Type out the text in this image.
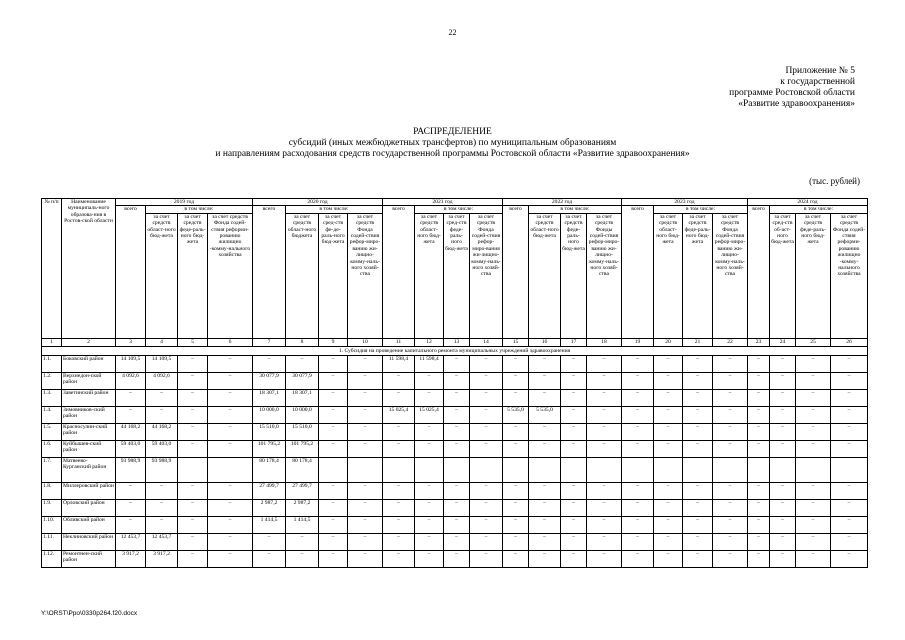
22
Приложение № 5
к государственной
программе Ростовской области
«Развитие здравоохранения»
РАСПРЕДЕЛЕНИЕ
субсидий (иных межбюджетных трансфертов) по муниципальным образованиям
и направлениям расходования средств государственной программы Ростовской области «Развитие здравоохранения»
(тыс. рублей)
№ п/п	Наименование муниципаль-ного образова-ния в Ростов-ской области	2019 год				2020 год				2021 год				2022 год				2023 год				2024 год			
		всего	в том числе:			всего	в том числе:			всего	в том числе:			всего	в том числе:			всего	в том числе:			всего	в том числе:		
			за счет средств област-ного бюд-жета	за счет средств феде-раль-ного бюд-жета	за счет средств Фонда содей-ствия реформи-рованию жилищно -комму-нального хозяйства		за счет средств област-ного бюджета	за счет сред-ств фе-де-раль-ного бюд-жета	за счет средств Фонда содей-ствия рефор-миро-ванию жи-лищно-комму-наль-ного хозяй-ства		за счет средств област-ного бюд-жета	за счет сред-ств феде-раль-ного бюд-жета	за счет средств Фонда содей-ствия рефор-миро-вания жи-лищно-комму-наль-ного хозяй-ства		за счет средств област-ного бюд-жета	за счет средств феде-раль-ного бюд-жета	за счет средств Фонды содей-ствия рефор-миро-ванию жи-лищно-комму-наль-ного хозяй-ства		за счет средств област-ного бюд-жета	за счет средств феде-раль-ного бюд-жета	за счет средств Фонда содей-ствия рефор-миро-ванию жи-лищно-комму-наль-ного хозяй-ства		за счет сред-ств об-аст-ного бюд-жета	за счет средств феде-раль-ного бюд-жета	за счет средств Фонда содей-ствия реформи-рованию жилищно -комму-нального хозяйства
1	2	3	4	5	6	7	8	9	10	11	12	13	14	15	16	17	18	19	20	21	22	23	24	25	26
1. Субсидия на проведение капитального ремонта муниципальных учреждений здравоохранения																									
1.1.	Боковский район	14 109,5	14 109,5	–	–	–	–	–	–	11 598,4	11 598,4	–	–	–	–	–	–	–	–	–	–	–	–	–	–
1.2.	Верхнедон-ской район	4 092,6	4 092,6	–	–	30 077,9	30 077,9	–	–	–	–	–	–	–	–	–	–	–	–	–	–	–	–	–	–
1.3.	Заветинский район	–	–	–	–	18 307,1	18 307,1	–	–	–	–	–	–	–	–	–	–	–	–	–	–	–	–	–	–
1.4.	Зимовников-ский район	–	–	–	–	10 000,0	10 000,0	–	–	15 025,4	15 025,4	–	–	5 535,0	5 535,0	–	–	–	–	–	–	–	–	–	–
1.5.	Красносулин-ский район	44 168,2	44 168,2	–	–	15 510,0	15 510,0	–	–	–	–	–	–	–	–	–	–	–	–	–	–	–	–	–	–
1.6.	Куйбышев-ский район	59 403,0	59 403,0	–	–	101 795,2	101 795,2	–	–	–	–	–	–	–	–	–	–	–	–	–	–	–	–	–	–
1.7.	Матвеево-Курганский район	93 988,9	93 988,9			80 178,4	80 178,4																		
1.8.	Миллеровский район	–	–	–	–	27 499,7	27 499,7	–	–	–	–	–	–	–	–	–	–	–	–	–	–	–	–	–	–
1.9.	Орловский район	–	–	–	–	2 987,2	2 987,2	–	–	–	–	–	–	–	–	–	–	–	–	–	–	–	–	–	–
1.10.	Обливский район	–	–	–	–	1 414,5	1 414,5	–	–	–	–	–	–	–	–	–	–	–	–	–	–	–	–	–	–
1.11.	Неклиновский район	12 453,7	12 453,7	–	–	–	–	–	–	–	–	–	–	–	–	–	–	–	–	–	–	–	–	–	–
1.12.	Ремонтнен-ский район	3 917,2	3 917,2	–	–	–	–	–	–	–	–	–	–	–	–	–	–	–	–	–	–	–	–	–	–
Y:\ORST\Ppo\0330p264.f20.docx
